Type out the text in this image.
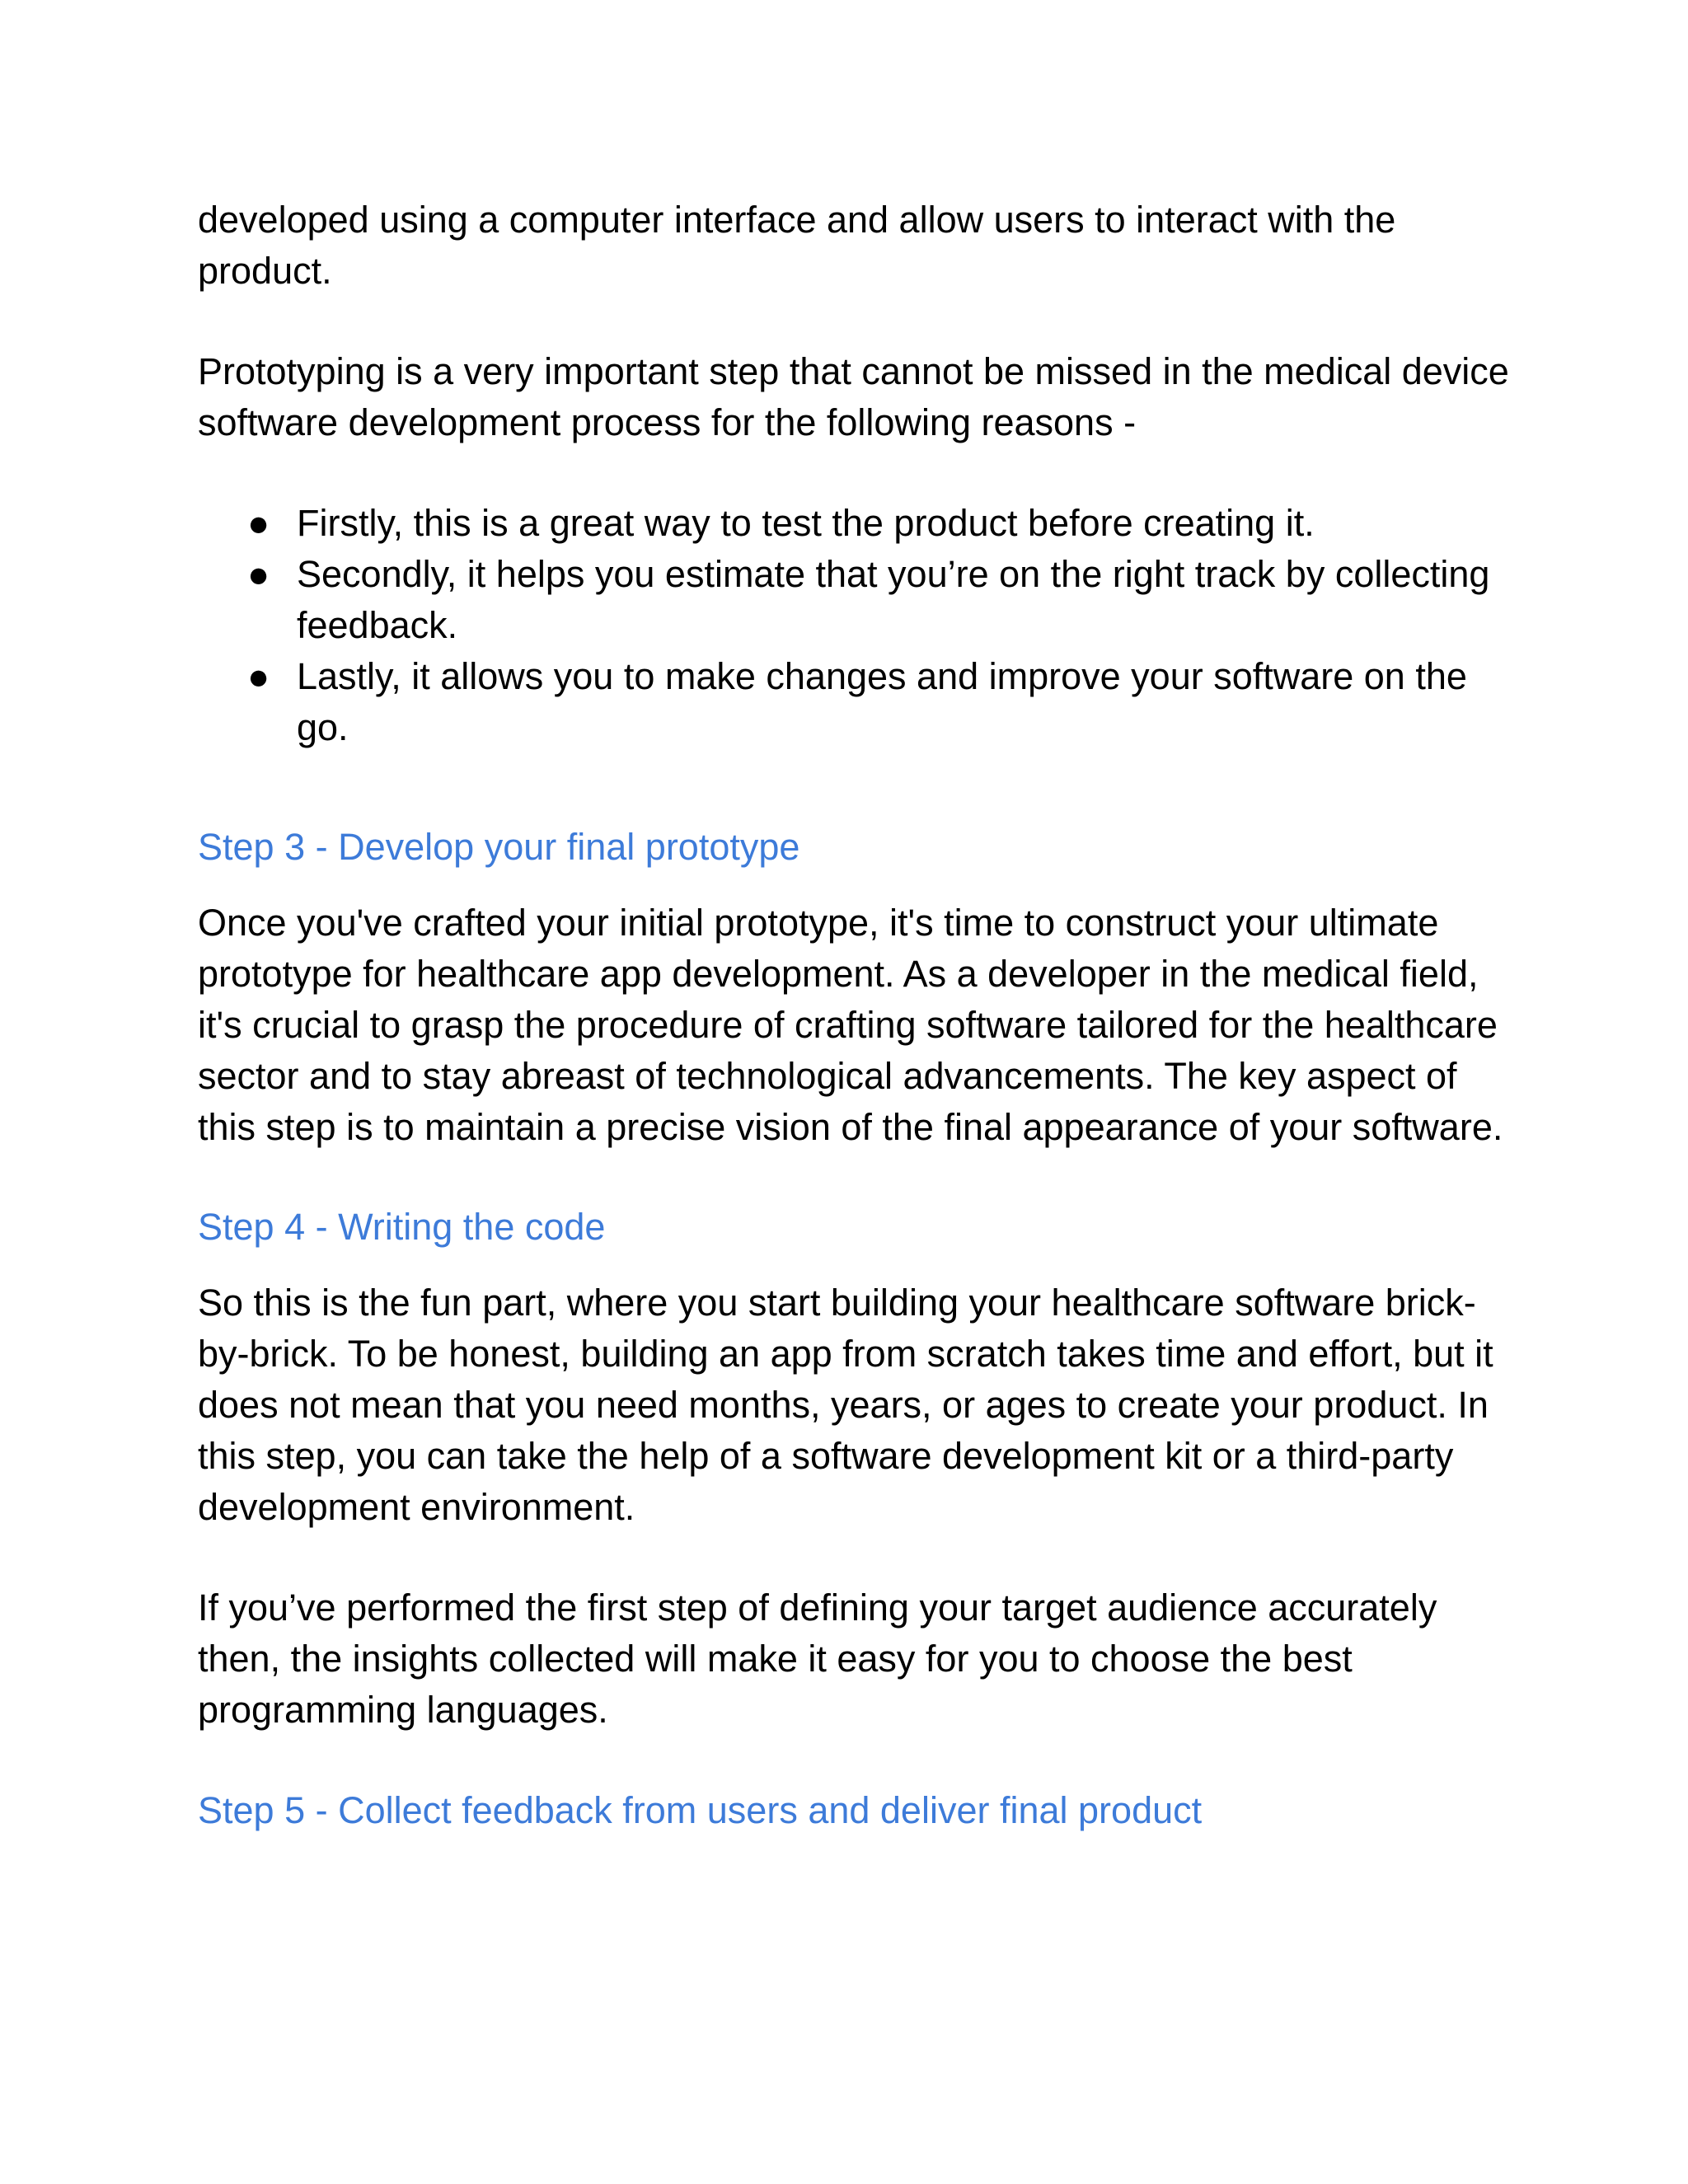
developed using a computer interface and allow users to interact with the product.

Prototyping is a very important step that cannot be missed in the medical device software development process for the following reasons -

● Firstly, this is a great way to test the product before creating it.
● Secondly, it helps you estimate that you’re on the right track by collecting feedback.
● Lastly, it allows you to make changes and improve your software on the go.
Step 3 - Develop your final prototype

Once you've crafted your initial prototype, it's time to construct your ultimate prototype for healthcare app development. As a developer in the medical field, it's crucial to grasp the procedure of crafting software tailored for the healthcare sector and to stay abreast of technological advancements. The key aspect of this step is to maintain a precise vision of the final appearance of your software.

Step 4 - Writing the code

So this is the fun part, where you start building your healthcare software brick-by-brick. To be honest, building an app from scratch takes time and effort, but it does not mean that you need months, years, or ages to create your product. In this step, you can take the help of a software development kit or a third-party development environment.

If you’ve performed the first step of defining your target audience accurately then, the insights collected will make it easy for you to choose the best programming languages.

Step 5 - Collect feedback from users and deliver final product
